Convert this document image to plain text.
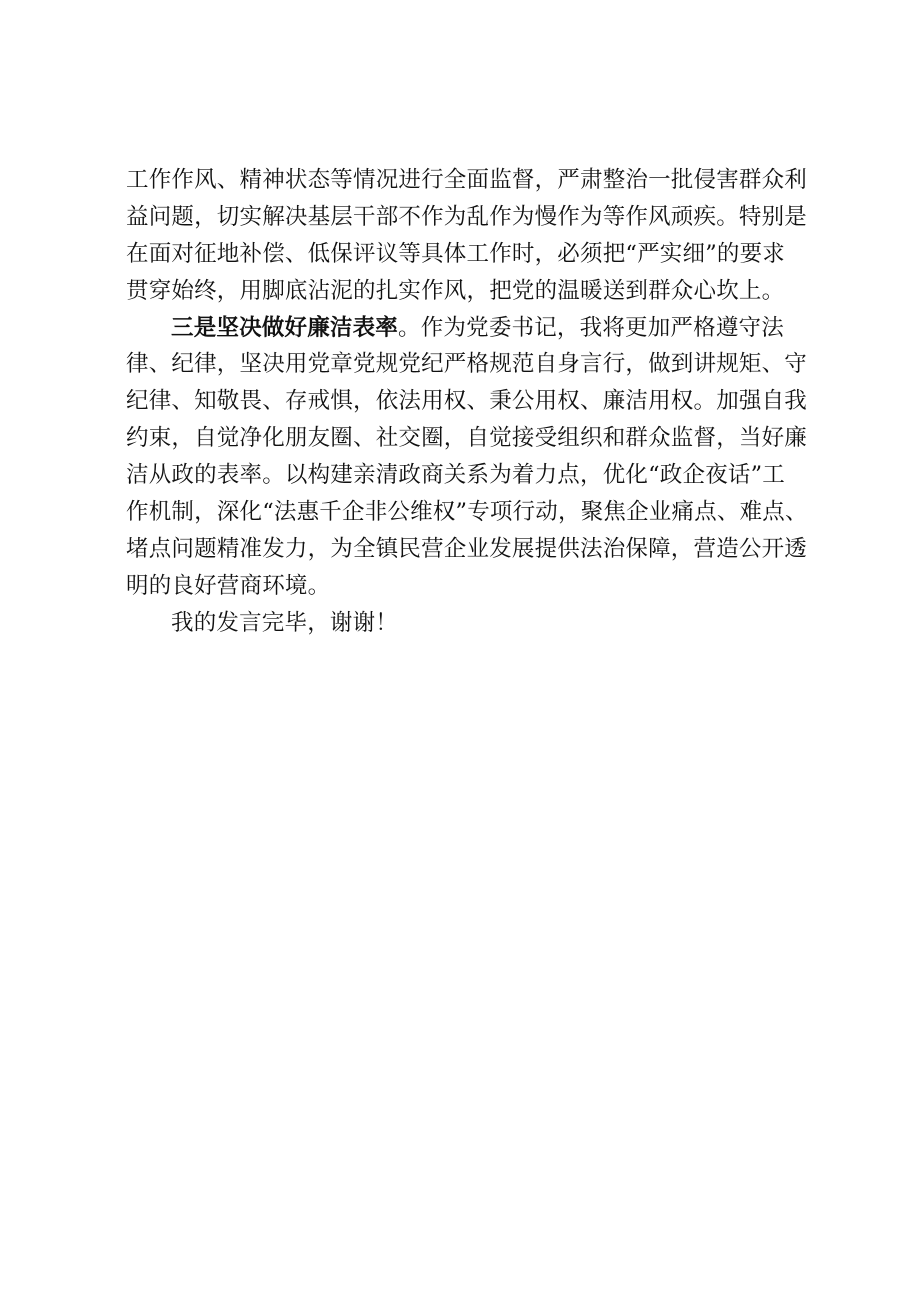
工作作风、精神状态等情况进行全面监督，严肃整治一批侵害群众利
益问题，切实解决基层干部不作为乱作为慢作为等作风顽疾。特别是
在面对征地补偿、低保评议等具体工作时，必须把“严实细”的要求
贯穿始终，用脚底沾泥的扎实作风，把党的温暖送到群众心坎上。
三是坚决做好廉洁表率。作为党委书记，我将更加严格遵守法
律、纪律，坚决用党章党规党纪严格规范自身言行，做到讲规矩、守
纪律、知敬畏、存戒惧，依法用权、秉公用权、廉洁用权。加强自我
约束，自觉净化朋友圈、社交圈，自觉接受组织和群众监督，当好廉
洁从政的表率。以构建亲清政商关系为着力点，优化“政企夜话”工
作机制，深化“法惠千企非公维权”专项行动，聚焦企业痛点、难点、
堵点问题精准发力，为全镇民营企业发展提供法治保障，营造公开透
明的良好营商环境。
我的发言完毕，谢谢！
